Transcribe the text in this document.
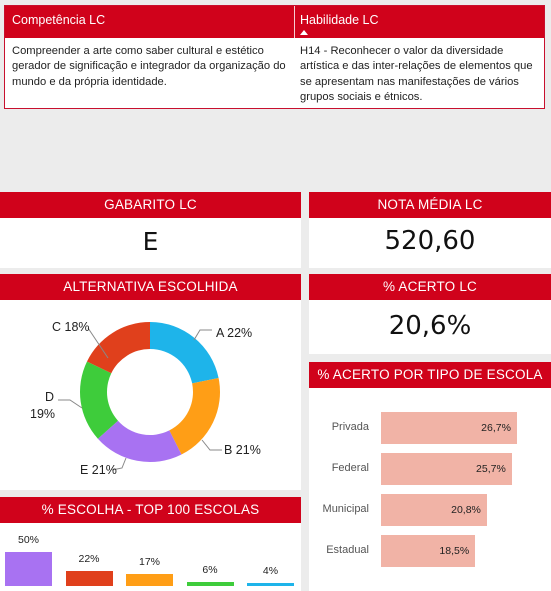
Competência LC	Habilidade LC
Compreender a arte como saber cultural e estético gerador de significação e integrador da organização do mundo e da própria identidade.
H14 - Reconhecer o valor da diversidade artística e das inter-relações de elementos que se apresentam nas manifestações de vários grupos sociais e étnicos.
GABARITO LC
E
NOTA MÉDIA LC
520,60
ALTERNATIVA ESCOLHIDA
A 22%
B 21%
C 18%
D
19%
E 21%
% ACERTO LC
20,6%
% ACERTO POR TIPO DE ESCOLA
Privada	26,7%
Federal	25,7%
Municipal	20,8%
Estadual	18,5%
% ESCOLHA - TOP 100 ESCOLAS
50%
22%	17%
6%	4%
